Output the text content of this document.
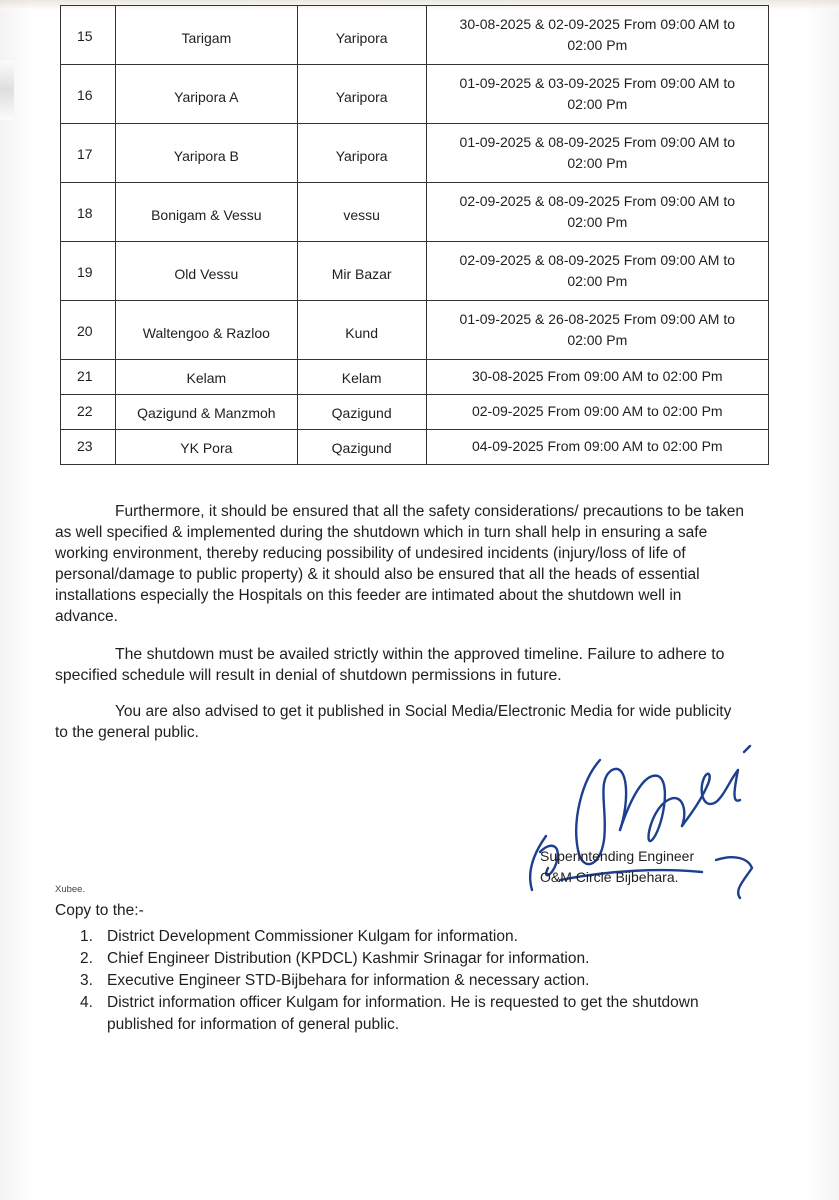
15	Tarigam	Yaripora	30-08-2025 & 02-09-2025 From 09:00 AM to
02:00 Pm

16	Yaripora A	Yaripora	01-09-2025 & 03-09-2025 From 09:00 AM to
02:00 Pm

17	Yaripora B	Yaripora	01-09-2025 & 08-09-2025 From 09:00 AM to
02:00 Pm

18	Bonigam & Vessu	vessu	02-09-2025 & 08-09-2025 From 09:00 AM to
02:00 Pm

19	Old Vessu	Mir Bazar	02-09-2025 & 08-09-2025 From 09:00 AM to
02:00 Pm

20	Waltengoo & Razloo	Kund	01-09-2025 & 26-08-2025 From 09:00 AM to
02:00 Pm

21	Kelam	Kelam	30-08-2025 From 09:00 AM to 02:00 Pm

22	Qazigund & Manzmoh	Qazigund	02-09-2025 From 09:00 AM to 02:00 Pm

23	YK Pora	Qazigund	04-09-2025 From 09:00 AM to 02:00 Pm
Furthermore, it should be ensured that all the safety considerations/ precautions to be taken as well specified & implemented during the shutdown which in turn shall help in ensuring a safe working environment, thereby reducing possibility of undesired incidents (injury/loss of life of personal/damage to public property) & it should also be ensured that all the heads of essential installations especially the Hospitals on this feeder are intimated about the shutdown well in advance.
The shutdown must be availed strictly within the approved timeline. Failure to adhere to specified schedule will result in denial of shutdown permissions in future.
You are also advised to get it published in Social Media/Electronic Media for wide publicity to the general public.
Superintending Engineer
O&M Circle Bijbehara.
Xubee.
Copy to the:-
1. District Development Commissioner Kulgam for information.
2. Chief Engineer Distribution (KPDCL) Kashmir Srinagar for information.
3. Executive Engineer STD-Bijbehara for information & necessary action.
4. District information officer Kulgam for information. He is requested to get the shutdown published for information of general public.
